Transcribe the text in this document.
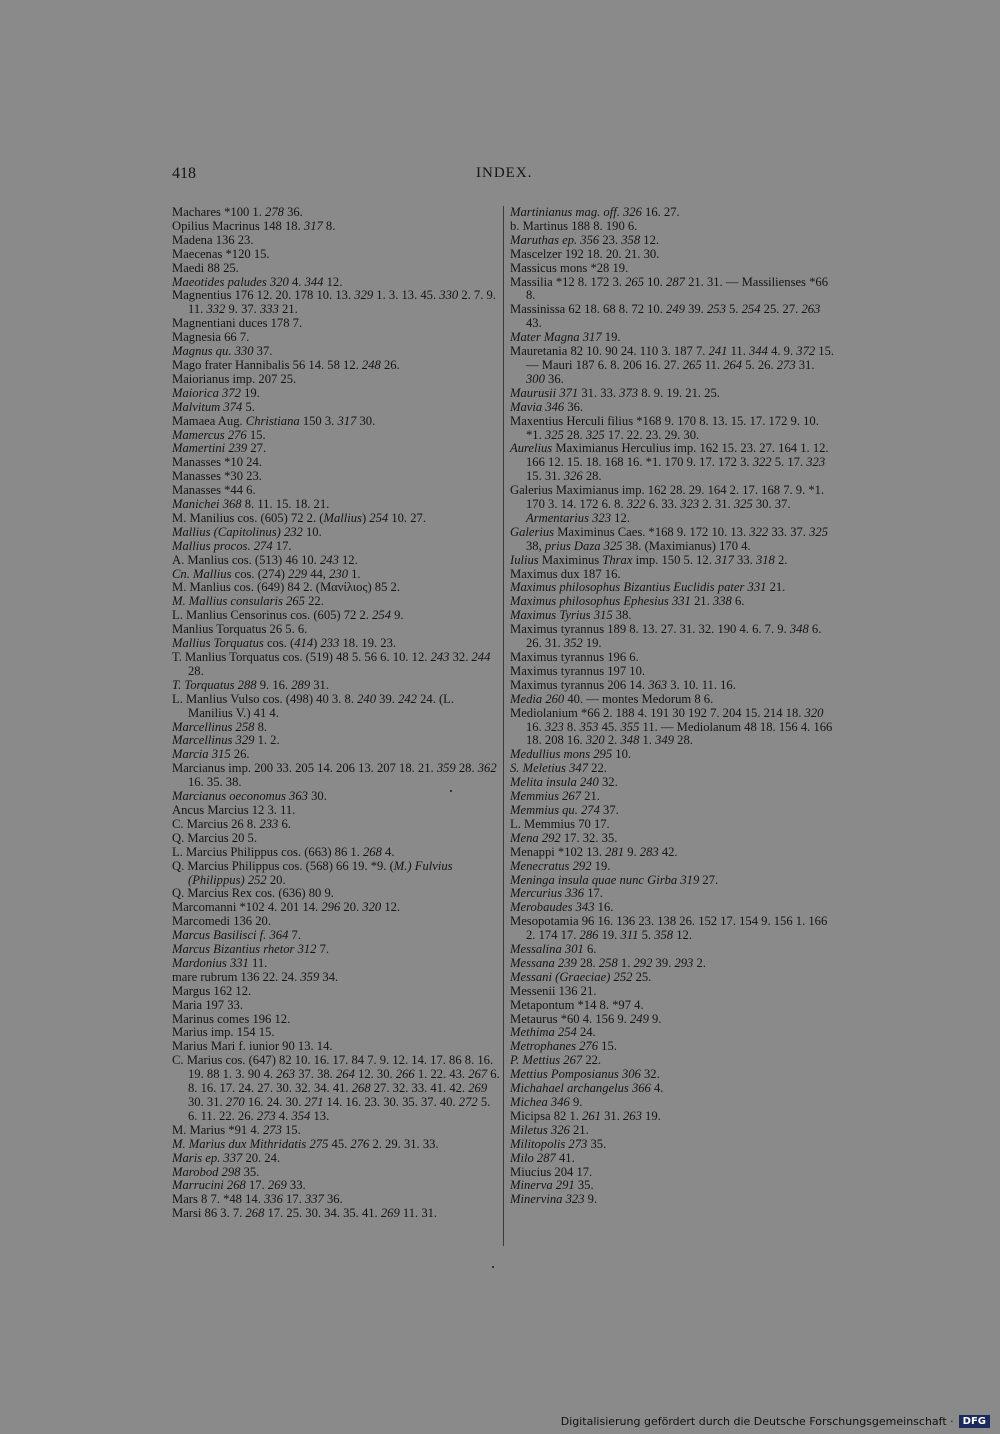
418	INDEX.
Machares *100 1. 278 36.
Opilius Macrinus 148 18. 317 8.
Madena 136 23.
Maecenas *120 15.
Maedi 88 25.
Maeotides paludes 320 4. 344 12.
Magnentius 176 12. 20. 178 10. 13. 329 1. 3. 13. 45. 330 2. 7. 9. 11. 332 9. 37. 333 21.
Magnentiani duces 178 7.
Magnesia 66 7.
Magnus qu. 330 37.
Mago frater Hannibalis 56 14. 58 12. 248 26.
Maiorianus imp. 207 25.
Maiorica 372 19.
Malvitum 374 5.
Mamaea Aug. Christiana 150 3. 317 30.
Mamercus 276 15.
Mamertini 239 27.
Manasses *10 24.
Manasses *30 23.
Manasses *44 6.
Manichei 368 8. 11. 15. 18. 21.
M. Manilius cos. (605) 72 2. (Mallius) 254 10. 27.
Mallius (Capitolinus) 232 10.
Mallius procos. 274 17.
A. Manlius cos. (513) 46 10. 243 12.
Cn. Mallius cos. (274) 229 44, 230 1.
M. Manlius cos. (649) 84 2. (Μανίλιος) 85 2.
M. Mallius consularis 265 22.
L. Manlius Censorinus cos. (605) 72 2. 254 9.
Manlius Torquatus 26 5. 6.
Mallius Torquatus cos. (414) 233 18. 19. 23.
T. Manlius Torquatus cos. (519) 48 5. 56 6. 10. 12. 243 32. 244 28.
T. Torquatus 288 9. 16. 289 31.
L. Manlius Vulso cos. (498) 40 3. 8. 240 39. 242 24. (L. Manilius V.) 41 4.
Marcellinus 258 8.
Marcellinus 329 1. 2.
Marcia 315 26.
Marcianus imp. 200 33. 205 14. 206 13. 207 18. 21. 359 28. 362 16. 35. 38.
Marcianus oeconomus 363 30.
Ancus Marcius 12 3. 11.
C. Marcius 26 8. 233 6.
Q. Marcius 20 5.
L. Marcius Philippus cos. (663) 86 1. 268 4.
Q. Marcius Philippus cos. (568) 66 19. *9. (M.) Fulvius (Philippus) 252 20.
Q. Marcius Rex cos. (636) 80 9.
Marcomanni *102 4. 201 14. 296 20. 320 12.
Marcomedi 136 20.
Marcus Basilisci f. 364 7.
Marcus Bizantius rhetor 312 7.
Mardonius 331 11.
mare rubrum 136 22. 24. 359 34.
Margus 162 12.
Maria 197 33.
Marinus comes 196 12.
Marius imp. 154 15.
Marius Mari f. iunior 90 13. 14.
C. Marius cos. (647) 82 10. 16. 17. 84 7. 9. 12. 14. 17. 86 8. 16. 19. 88 1. 3. 90 4. 263 37. 38. 264 12. 30. 266 1. 22. 43. 267 6. 8. 16. 17. 24. 27. 30. 32. 34. 41. 268 27. 32. 33. 41. 42. 269 30. 31. 270 16. 24. 30. 271 14. 16. 23. 30. 35. 37. 40. 272 5. 6. 11. 22. 26. 273 4. 354 13.
M. Marius *91 4. 273 15.
M. Marius dux Mithridatis 275 45. 276 2. 29. 31. 33.
Maris ep. 337 20. 24.
Marobod 298 35.
Marrucini 268 17. 269 33.
Mars 8 7. *48 14. 336 17. 337 36.
Marsi 86 3. 7. 268 17. 25. 30. 34. 35. 41. 269 11. 31.
Martinianus mag. off. 326 16. 27.
b. Martinus 188 8. 190 6.
Maruthas ep. 356 23. 358 12.
Mascelzer 192 18. 20. 21. 30.
Massicus mons *28 19.
Massilia *12 8. 172 3. 265 10. 287 21. 31. — Massilienses *66 8.
Massinissa 62 18. 68 8. 72 10. 249 39. 253 5. 254 25. 27. 263 43.
Mater Magna 317 19.
Mauretania 82 10. 90 24. 110 3. 187 7. 241 11. 344 4. 9. 372 15. — Mauri 187 6. 8. 206 16. 27. 265 11. 264 5. 26. 273 31. 300 36.
Maurusii 371 31. 33. 373 8. 9. 19. 21. 25.
Mavia 346 36.
Maxentius Herculi filius *168 9. 170 8. 13. 15. 17. 172 9. 10. *1. 325 28. 325 17. 22. 23. 29. 30.
Aurelius Maximianus Herculius imp. 162 15. 23. 27. 164 1. 12. 166 12. 15. 18. 168 16. *1. 170 9. 17. 172 3. 322 5. 17. 323 15. 31. 326 28.
Galerius Maximianus imp. 162 28. 29. 164 2. 17. 168 7. 9. *1. 170 3. 14. 172 6. 8. 322 6. 33. 323 2. 31. 325 30. 37. Armentarius 323 12.
Galerius Maximinus Caes. *168 9. 172 10. 13. 322 33. 37. 325 38, prius Daza 325 38. (Maximianus) 170 4.
Iulius Maximinus Thrax imp. 150 5. 12. 317 33. 318 2.
Maximus dux 187 16.
Maximus philosophus Bizantius Euclidis pater 331 21.
Maximus philosophus Ephesius 331 21. 338 6.
Maximus Tyrius 315 38.
Maximus tyrannus 189 8. 13. 27. 31. 32. 190 4. 6. 7. 9. 348 6. 26. 31. 352 19.
Maximus tyrannus 196 6.
Maximus tyrannus 197 10.
Maximus tyrannus 206 14. 363 3. 10. 11. 16.
Media 260 40. — montes Medorum 8 6.
Mediolanium *66 2. 188 4. 191 30 192 7. 204 15. 214 18. 320 16. 323 8. 353 45. 355 11. — Mediolanum 48 18. 156 4. 166 18. 208 16. 320 2. 348 1. 349 28.
Medullius mons 295 10.
S. Meletius 347 22.
Melita insula 240 32.
Memmius 267 21.
Memmius qu. 274 37.
L. Memmius 70 17.
Mena 292 17. 32. 35.
Menappi *102 13. 281 9. 283 42.
Menecratus 292 19.
Meninga insula quae nunc Girba 319 27.
Mercurius 336 17.
Merobaudes 343 16.
Mesopotamia 96 16. 136 23. 138 26. 152 17. 154 9. 156 1. 166 2. 174 17. 286 19. 311 5. 358 12.
Messalina 301 6.
Messana 239 28. 258 1. 292 39. 293 2.
Messani (Graeciae) 252 25.
Messenii 136 21.
Metapontum *14 8. *97 4.
Metaurus *60 4. 156 9. 249 9.
Methima 254 24.
Metrophanes 276 15.
P. Mettius 267 22.
Mettius Pomposianus 306 32.
Michahael archangelus 366 4.
Michea 346 9.
Micipsa 82 1. 261 31. 263 19.
Miletus 326 21.
Militopolis 273 35.
Milo 287 41.
Miucius 204 17.
Minerva 291 35.
Minervina 323 9.
Digitalisierung gefördert durch die Deutsche Forschungsgemeinschaft · DFG
